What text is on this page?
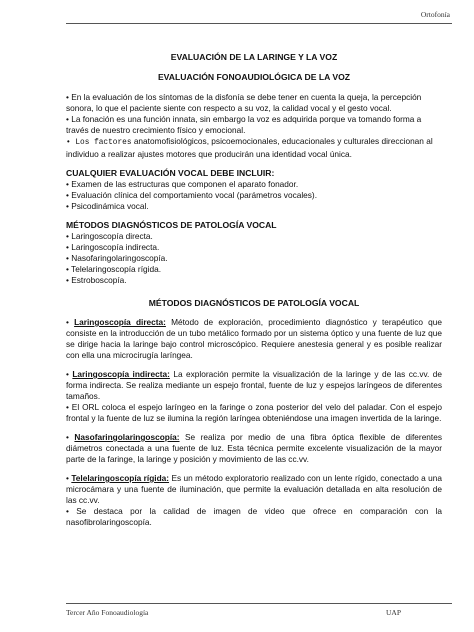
Ortofonía

EVALUACIÓN DE LA LARINGE Y LA VOZ

EVALUACIÓN FONOAUDIOLÓGICA DE LA VOZ

• En la evaluación de los síntomas de la disfonía se debe tener en cuenta la queja, la percepción sonora, lo que el paciente siente con respecto a su voz, la calidad vocal y el gesto vocal.

• La fonación es una función innata, sin embargo la voz es adquirida porque va tomando forma a través de nuestro crecimiento físico y emocional.

• Los factores anatomofisiológicos, psicoemocionales, educacionales y culturales direccionan al individuo a realizar ajustes motores que producirán una identidad vocal única.

CUALQUIER EVALUACIÓN VOCAL DEBE INCLUIR:

• Examen de las estructuras que componen el aparato fonador.

• Evaluación clínica del comportamiento vocal (parámetros vocales).

• Psicodinámica vocal.

MÉTODOS DIAGNÓSTICOS DE PATOLOGÍA VOCAL

• Laringoscopía directa.

• Laringoscopía indirecta.

• Nasofaringolaringoscopía.

• Telelaringoscopía rígida.

• Estroboscopía.

MÉTODOS DIAGNÓSTICOS DE PATOLOGÍA VOCAL

• Laringoscopía directa: Método de exploración, procedimiento diagnóstico y terapéutico que consiste en la introducción de un tubo metálico formado por un sistema óptico y una fuente de luz que se dirige hacia la laringe bajo control microscópico. Requiere anestesia general y es posible realizar con ella una microcirugía laríngea.

• Laringoscopía indirecta: La exploración permite la visualización de la laringe y de las cc.vv. de forma indirecta. Se realiza mediante un espejo frontal, fuente de luz y espejos laríngeos de diferentes tamaños.

• El ORL coloca el espejo laríngeo en la faringe o zona posterior del velo del paladar. Con el espejo frontal y la fuente de luz se ilumina la región laríngea obteniéndose una imagen invertida de la laringe.

• Nasofaringolaringoscopía: Se realiza por medio de una fibra óptica flexible de diferentes diámetros conectada a una fuente de luz. Esta técnica permite excelente visualización de la mayor parte de la faringe, la laringe y posición y movimiento de las cc.vv.

• Telelaringoscopía rígida: Es un método exploratorio realizado con un lente rígido, conectado a una microcámara y una fuente de iluminación, que permite la evaluación detallada en alta resolución de las cc.vv.

• Se destaca por la calidad de imagen de video que ofrece en comparación con la nasofibrolaringoscopía.

Tercer Año Fonoaudiología	UAP
